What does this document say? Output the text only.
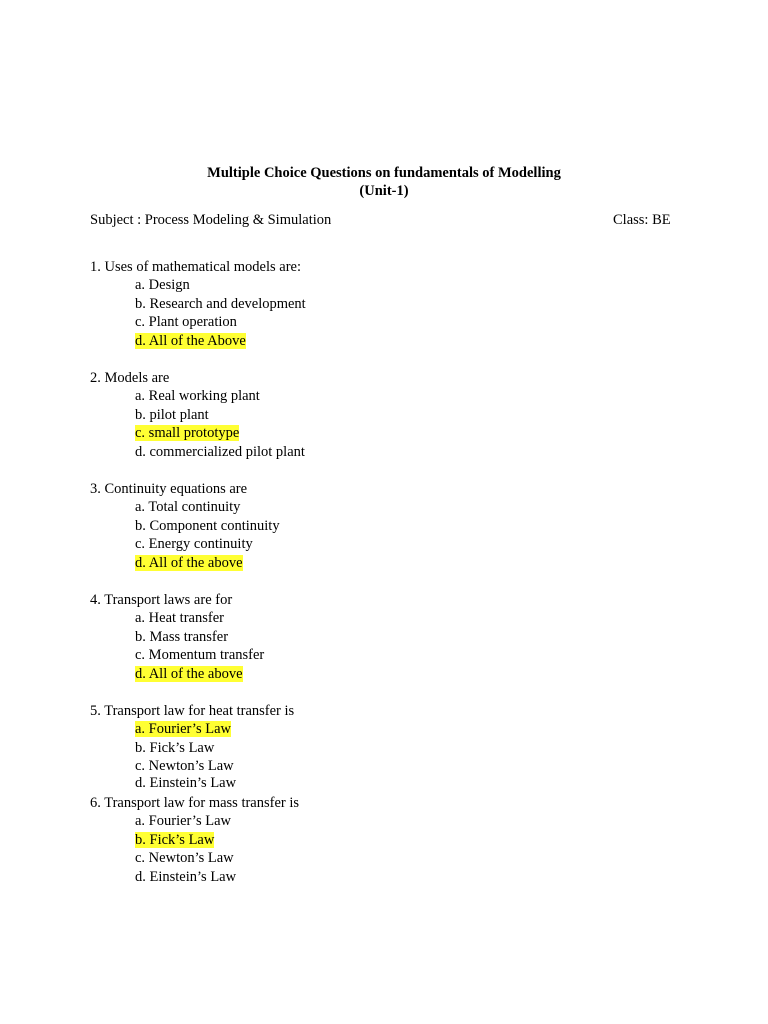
Multiple Choice Questions on fundamentals of Modelling

(Unit-1)

Subject : Process Modeling & Simulation	Class: BE
1. Uses of mathematical models are:
a. Design
b. Research and development
c. Plant operation
d. All of the Above
2. Models are
a. Real working plant
b. pilot plant
c. small prototype
d. commercialized pilot plant
3. Continuity equations are
a. Total continuity
b. Component continuity
c. Energy continuity
d. All of the above
4. Transport laws are for
a. Heat transfer
b. Mass transfer
c. Momentum transfer
d. All of the above
5. Transport law for heat transfer is
a. Fourier’s Law
b. Fick’s Law
c. Newton’s Law
d. Einstein’s Law
6. Transport law for mass transfer is
a. Fourier’s Law
b. Fick’s Law
c. Newton’s Law
d. Einstein’s Law
